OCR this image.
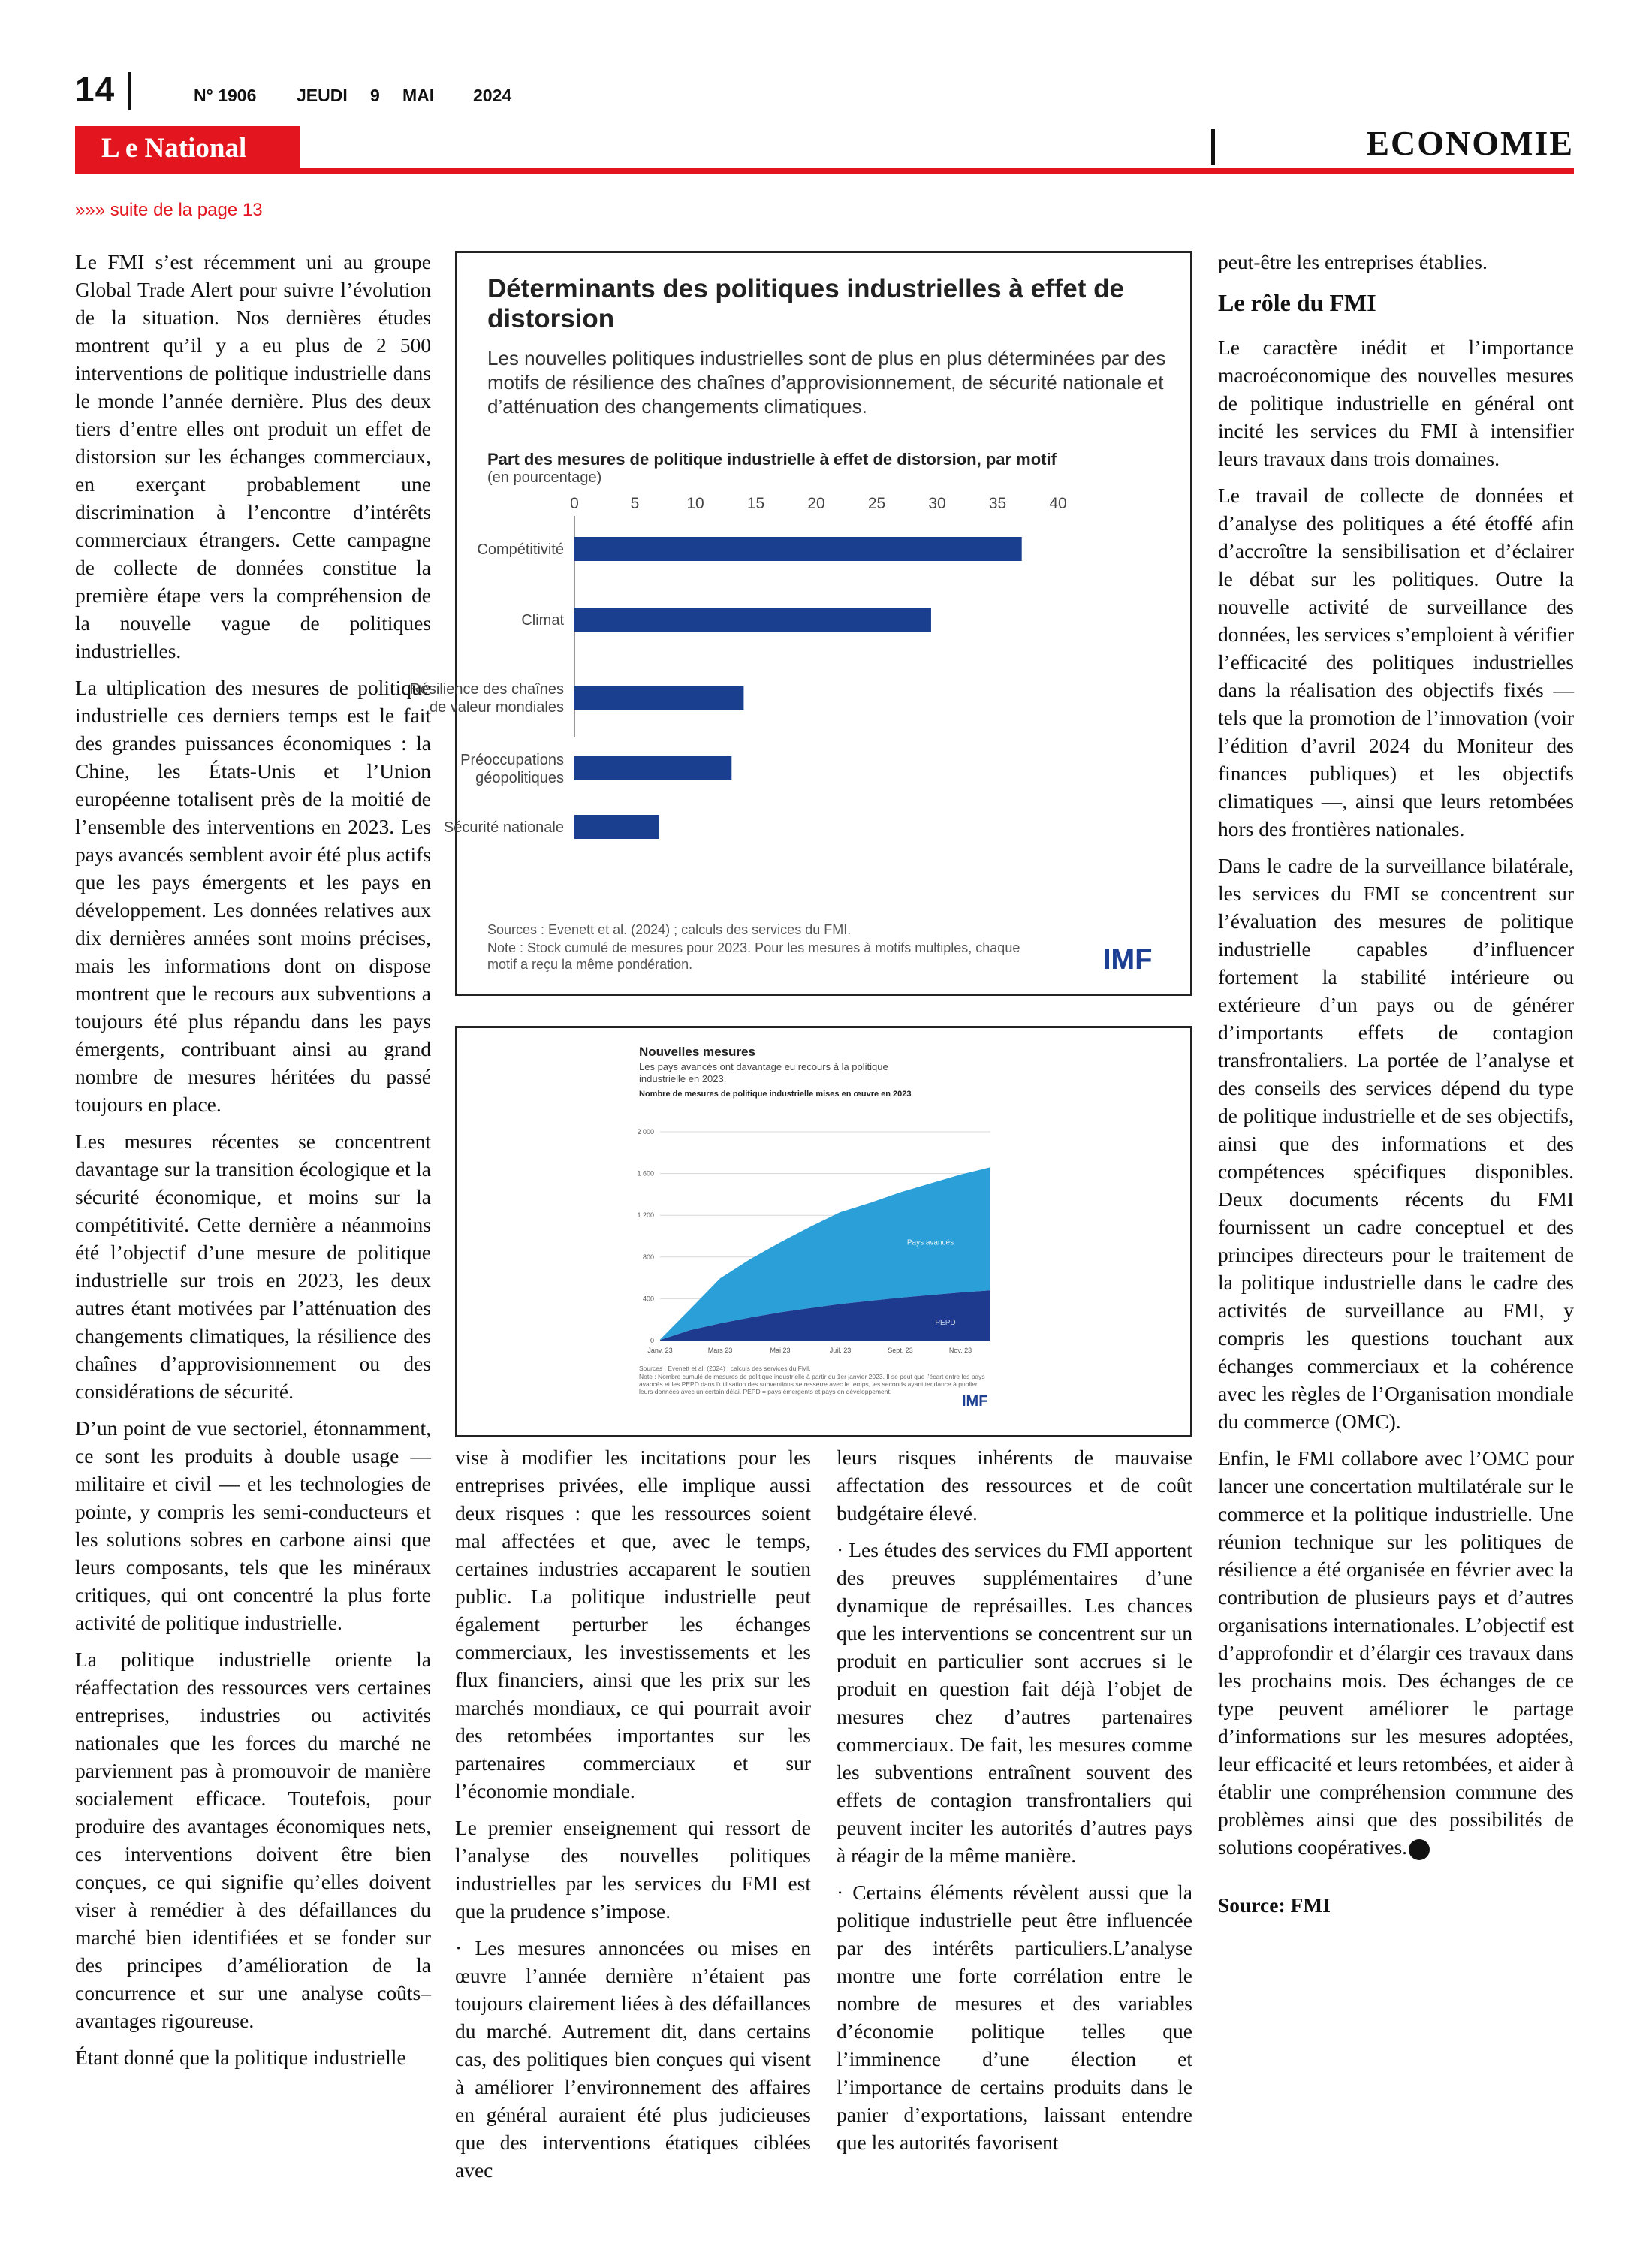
14	N° 1906 JEUDI 9 MAI 2024
L e National	ECONOMIE
»»» suite de la page 13

Le FMI s’est récemment uni au groupe Global Trade Alert pour suivre l’évolution de la situation. Nos dernières études montrent qu’il y a eu plus de 2 500 interventions de politique industrielle dans le monde l’année dernière. Plus des deux tiers d’entre elles ont produit un effet de distorsion sur les échanges commerciaux, en exerçant probablement une discrimination à l’encontre d’intérêts commerciaux étrangers. Cette campagne de collecte de données constitue la première étape vers la compréhension de la nouvelle vague de politiques industrielles.

La ultiplication des mesures de politique industrielle ces derniers temps est le fait des grandes puissances économiques : la Chine, les États-Unis et l’Union européenne totalisent près de la moitié de l’ensemble des interventions en 2023. Les pays avancés semblent avoir été plus actifs que les pays émergents et les pays en développement. Les données relatives aux dix dernières années sont moins précises, mais les informations dont on dispose montrent que le recours aux subventions a toujours été plus répandu dans les pays émergents, contribuant ainsi au grand nombre de mesures héritées du passé toujours en place.

Les mesures récentes se concentrent davantage sur la transition écologique et la sécurité économique, et moins sur la compétitivité. Cette dernière a néanmoins été l’objectif d’une mesure de politique industrielle sur trois en 2023, les deux autres étant motivées par l’atténuation des changements climatiques, la résilience des chaînes d’approvisionnement ou des considérations de sécurité.

D’un point de vue sectoriel, étonnamment, ce sont les produits à double usage — militaire et civil — et les technologies de pointe, y compris les semi-conducteurs et les solutions sobres en carbone ainsi que leurs composants, tels que les minéraux critiques, qui ont concentré la plus forte activité de politique industrielle.

La politique industrielle oriente la réaffectation des ressources vers certaines entreprises, industries ou activités nationales que les forces du marché ne parviennent pas à promouvoir de manière socialement efficace. Toutefois, pour produire des avantages économiques nets, ces interventions doivent être bien conçues, ce qui signifie qu’elles doivent viser à remédier à des défaillances du marché bien identifiées et se fonder sur des principes d’amélioration de la concurrence et sur une analyse coûts–avantages rigoureuse.

Étant donné que la politique industrielle

Déterminants des politiques industrielles à effet de distorsion
Les nouvelles politiques industrielles sont de plus en plus déterminées par des motifs de résilience des chaînes d’approvisionnement, de sécurité nationale et d’atténuation des changements climatiques.
Part des mesures de politique industrielle à effet de distorsion, par motif
(en pourcentage)
0	5	10	15	20	25	30	35	40
Compétitivité
Climat
Résilience des chaînes
de valeur mondiales
Préoccupations
géopolitiques
Sécurité nationale
Sources : Evenett et al. (2024) ; calculs des services du FMI.
Note : Stock cumulé de mesures pour 2023. Pour les mesures à motifs multiples, chaque motif a reçu la même pondération.	IMF
Nouvelles mesures
Les pays avancés ont davantage eu recours à la politique industrielle en 2023.
Nombre de mesures de politique industrielle mises en œuvre en 2023
0
400
800
1 200
1 600
2 000
Janv. 23	Mars 23	Mai 23	Juil. 23	Sept. 23	Nov. 23
Pays avancés
PEPD
Sources : Evenett et al. (2024) ; calculs des services du FMI.
Note : Nombre cumulé de mesures de politique industrielle à partir du 1er janvier 2023. Il se peut que l’écart entre les pays avancés et les PEPD dans l’utilisation des subventions se resserre avec le temps, les seconds ayant tendance à publier leurs données avec un certain délai. PEPD = pays émergents et pays en développement.
IMF

vise à modifier les incitations pour les entreprises privées, elle implique aussi deux risques : que les ressources soient mal affectées et que, avec le temps, certaines industries accaparent le soutien public. La politique industrielle peut également perturber les échanges commerciaux, les investissements et les flux financiers, ainsi que les prix sur les marchés mondiaux, ce qui pourrait avoir des retombées importantes sur les partenaires commerciaux et sur l’économie mondiale.

Le premier enseignement qui ressort de l’analyse des nouvelles politiques industrielles par les services du FMI est que la prudence s’impose.

· Les mesures annoncées ou mises en œuvre l’année dernière n’étaient pas toujours clairement liées à des défaillances du marché. Autrement dit, dans certains cas, des politiques bien conçues qui visent à améliorer l’environnement des affaires en général auraient été plus judicieuses que des interventions étatiques ciblées avec

leurs risques inhérents de mauvaise affectation des ressources et de coût budgétaire élevé.

· Les études des services du FMI apportent des preuves supplémentaires d’une dynamique de représailles. Les chances que les interventions se concentrent sur un produit en particulier sont accrues si le produit en question fait déjà l’objet de mesures chez d’autres partenaires commerciaux. De fait, les mesures comme les subventions entraînent souvent des effets de contagion transfrontaliers qui peuvent inciter les autorités d’autres pays à réagir de la même manière.

· Certains éléments révèlent aussi que la politique industrielle peut être influencée par des intérêts particuliers.L’analyse montre une forte corrélation entre le nombre de mesures et des variables d’économie politique telles que l’imminence d’une élection et l’importance de certains produits dans le panier d’exportations, laissant entendre que les autorités favorisent

peut-être les entreprises établies.

Le rôle du FMI

Le caractère inédit et l’importance macroéconomique des nouvelles mesures de politique industrielle en général ont incité les services du FMI à intensifier leurs travaux dans trois domaines.

Le travail de collecte de données et d’analyse des politiques a été étoffé afin d’accroître la sensibilisation et d’éclairer le débat sur les politiques. Outre la nouvelle activité de surveillance des données, les services s’emploient à vérifier l’efficacité des politiques industrielles dans la réalisation des objectifs fixés — tels que la promotion de l’innovation (voir l’édition d’avril 2024 du Moniteur des finances publiques) et les objectifs climatiques —, ainsi que leurs retombées hors des frontières nationales.

Dans le cadre de la surveillance bilatérale, les services du FMI se concentrent sur l’évaluation des mesures de politique industrielle capables d’influencer fortement la stabilité intérieure ou extérieure d’un pays ou de générer d’importants effets de contagion transfrontaliers. La portée de l’analyse et des conseils des services dépend du type de politique industrielle et de ses objectifs, ainsi que des informations et des compétences spécifiques disponibles. Deux documents récents du FMI fournissent un cadre conceptuel et des principes directeurs pour le traitement de la politique industrielle dans le cadre des activités de surveillance au FMI, y compris les questions touchant aux échanges commerciaux et la cohérence avec les règles de l’Organisation mondiale du commerce (OMC).

Enfin, le FMI collabore avec l’OMC pour lancer une concertation multilatérale sur le commerce et la politique industrielle. Une réunion technique sur les politiques de résilience a été organisée en février avec la contribution de plusieurs pays et d’autres organisations internationales. L’objectif est d’approfondir et d’élargir ces travaux dans les prochains mois. Des échanges de ce type peuvent améliorer le partage d’informations sur les mesures adoptées, leur efficacité et leurs retombées, et aider à établir une compréhension commune des problèmes ainsi que des possibilités de solutions coopératives.

Source: FMI
